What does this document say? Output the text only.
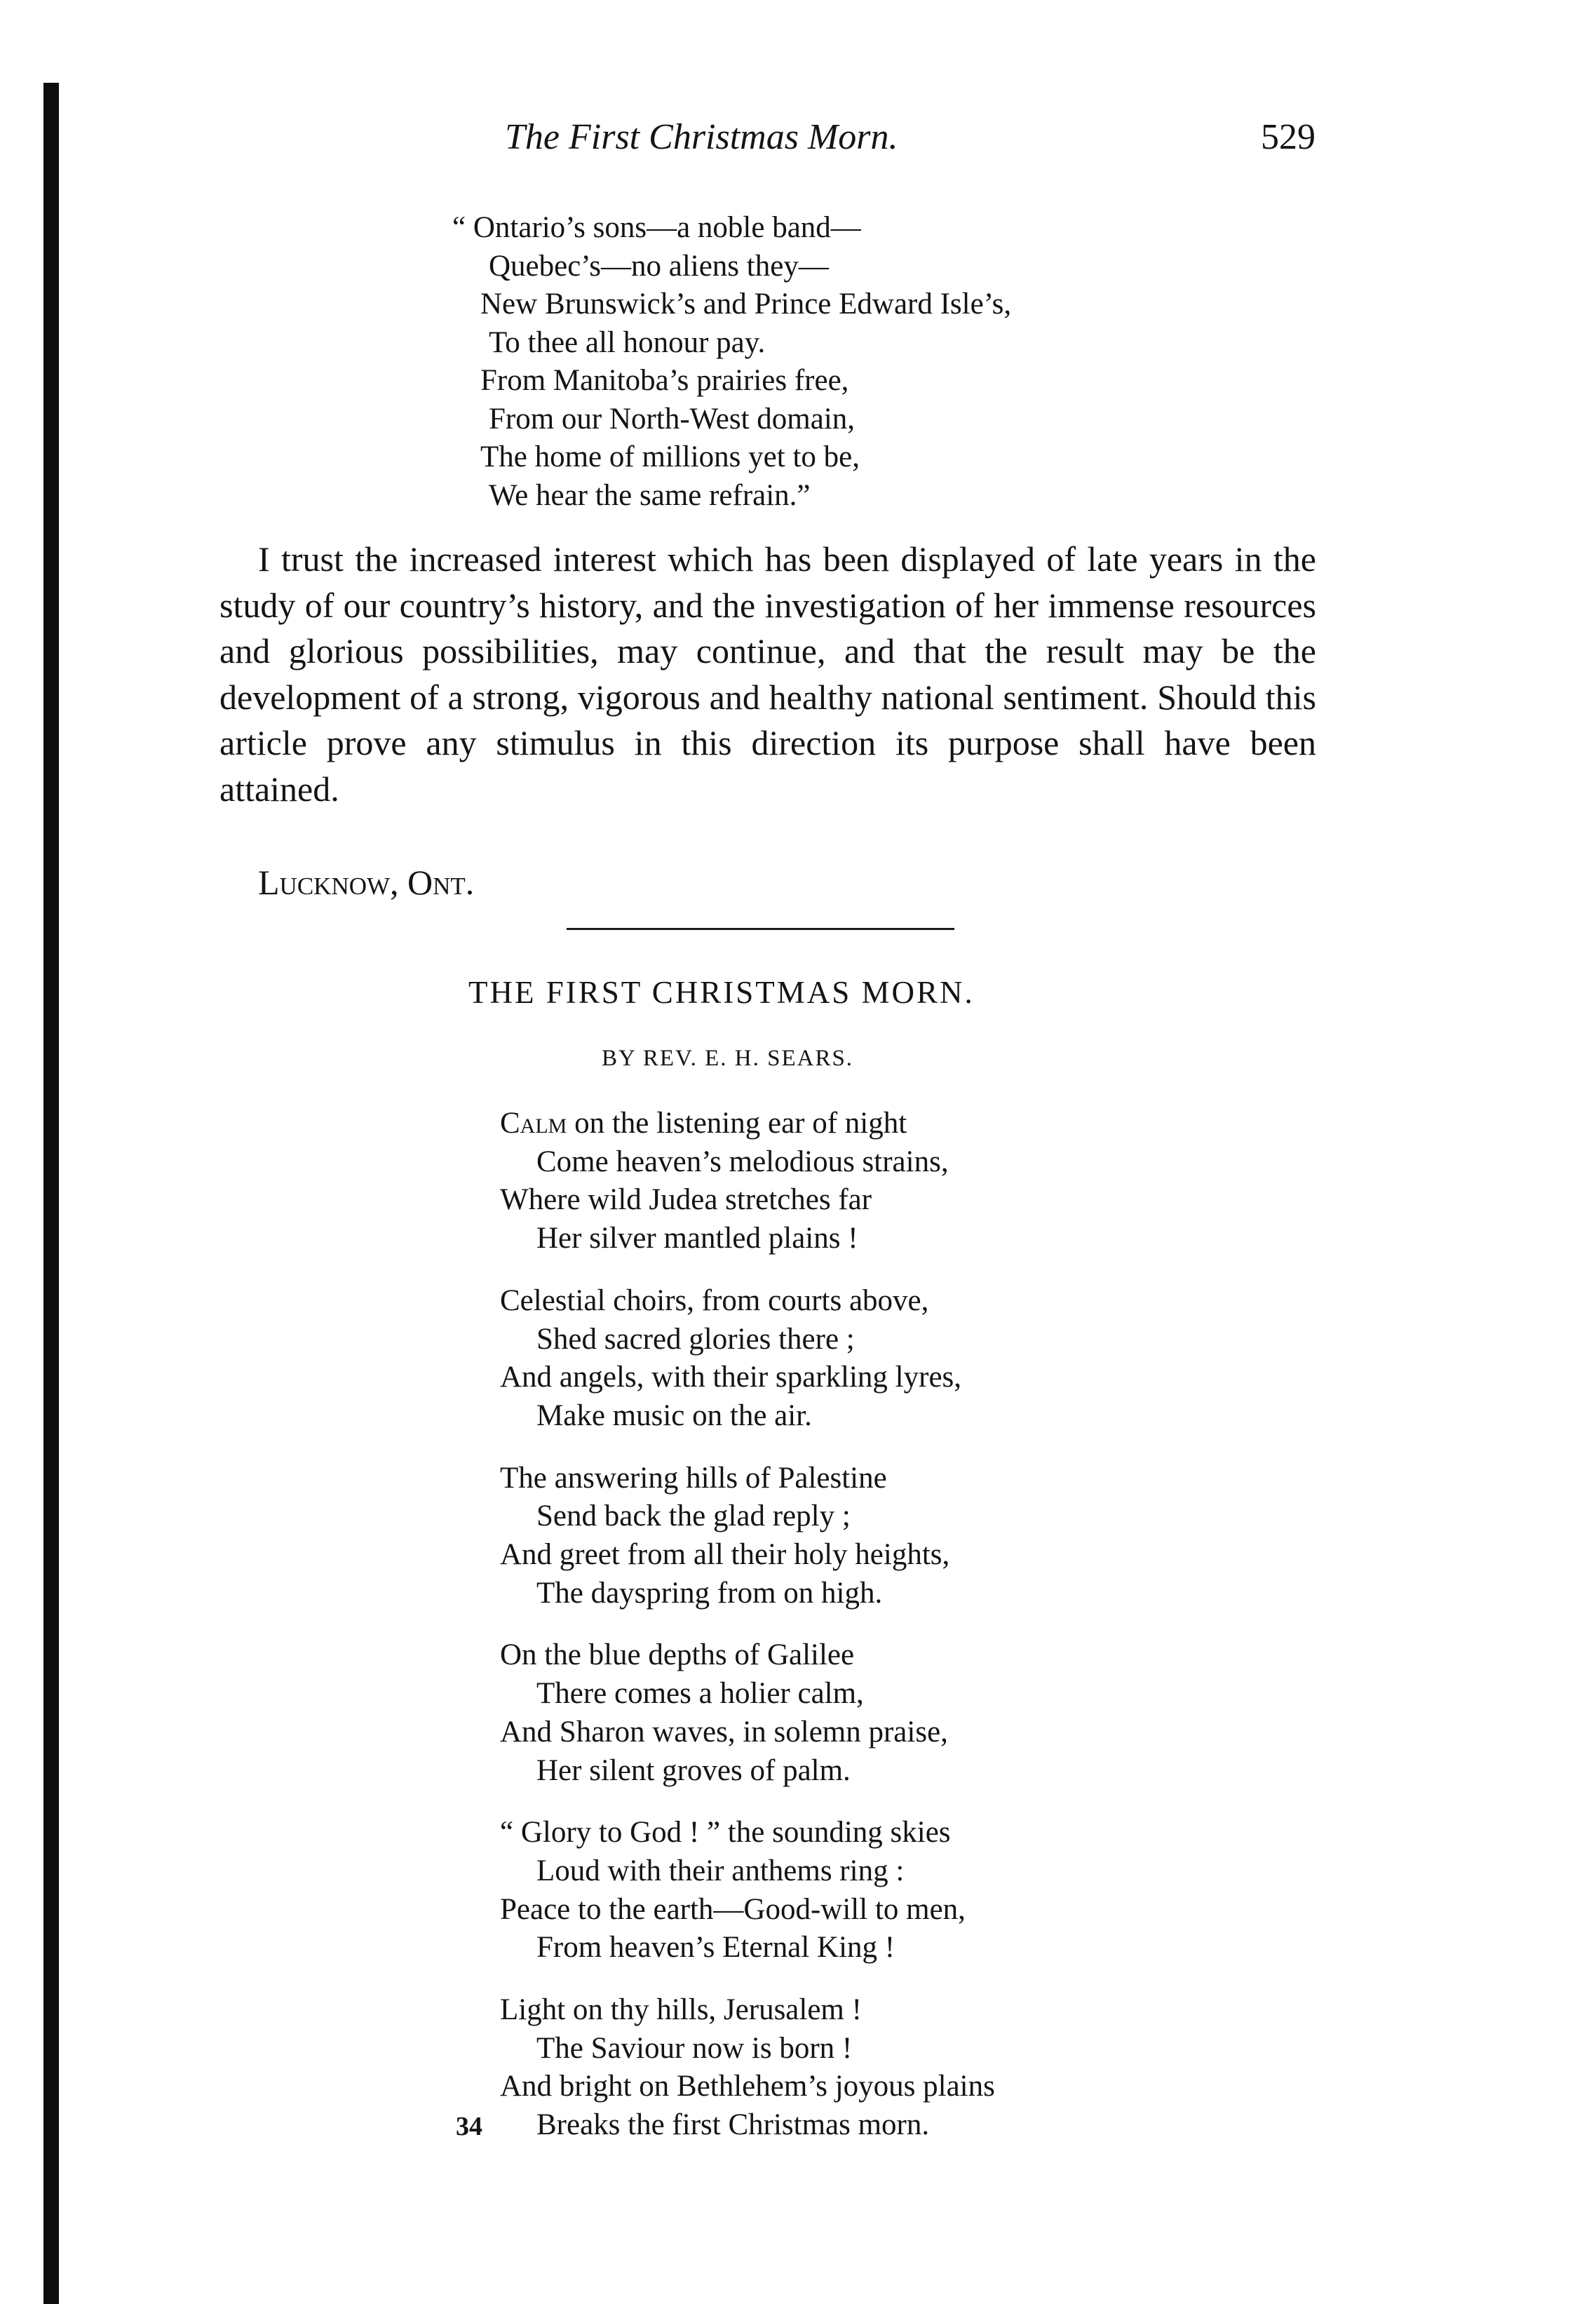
The First Christmas Morn.	529
“ Ontario’s sons—a noble band—
Quebec’s—no aliens they—
New Brunswick’s and Prince Edward Isle’s,
To thee all honour pay.
From Manitoba’s prairies free,
From our North-West domain,
The home of millions yet to be,
We hear the same refrain.”

I trust the increased interest which has been displayed of late years in the study of our country’s history, and the investigation of her immense resources and glorious possibilities, may continue, and that the result may be the development of a strong, vigorous and healthy national sentiment. Should this article prove any stimulus in this direction its purpose shall have been attained.

Lucknow, Ont.
THE FIRST CHRISTMAS MORN.
BY REV. E. H. SEARS.
Calm on the listening ear of night
Come heaven’s melodious strains,
Where wild Judea stretches far
Her silver mantled plains !
Celestial choirs, from courts above,
Shed sacred glories there ;
And angels, with their sparkling lyres,
Make music on the air.
The answering hills of Palestine
Send back the glad reply ;
And greet from all their holy heights,
The dayspring from on high.
On the blue depths of Galilee
There comes a holier calm,
And Sharon waves, in solemn praise,
Her silent groves of palm.
“ Glory to God ! ” the sounding skies
Loud with their anthems ring :
Peace to the earth—Good-will to men,
From heaven’s Eternal King !
Light on thy hills, Jerusalem !
The Saviour now is born !
And bright on Bethlehem’s joyous plains
Breaks the first Christmas morn.
34
